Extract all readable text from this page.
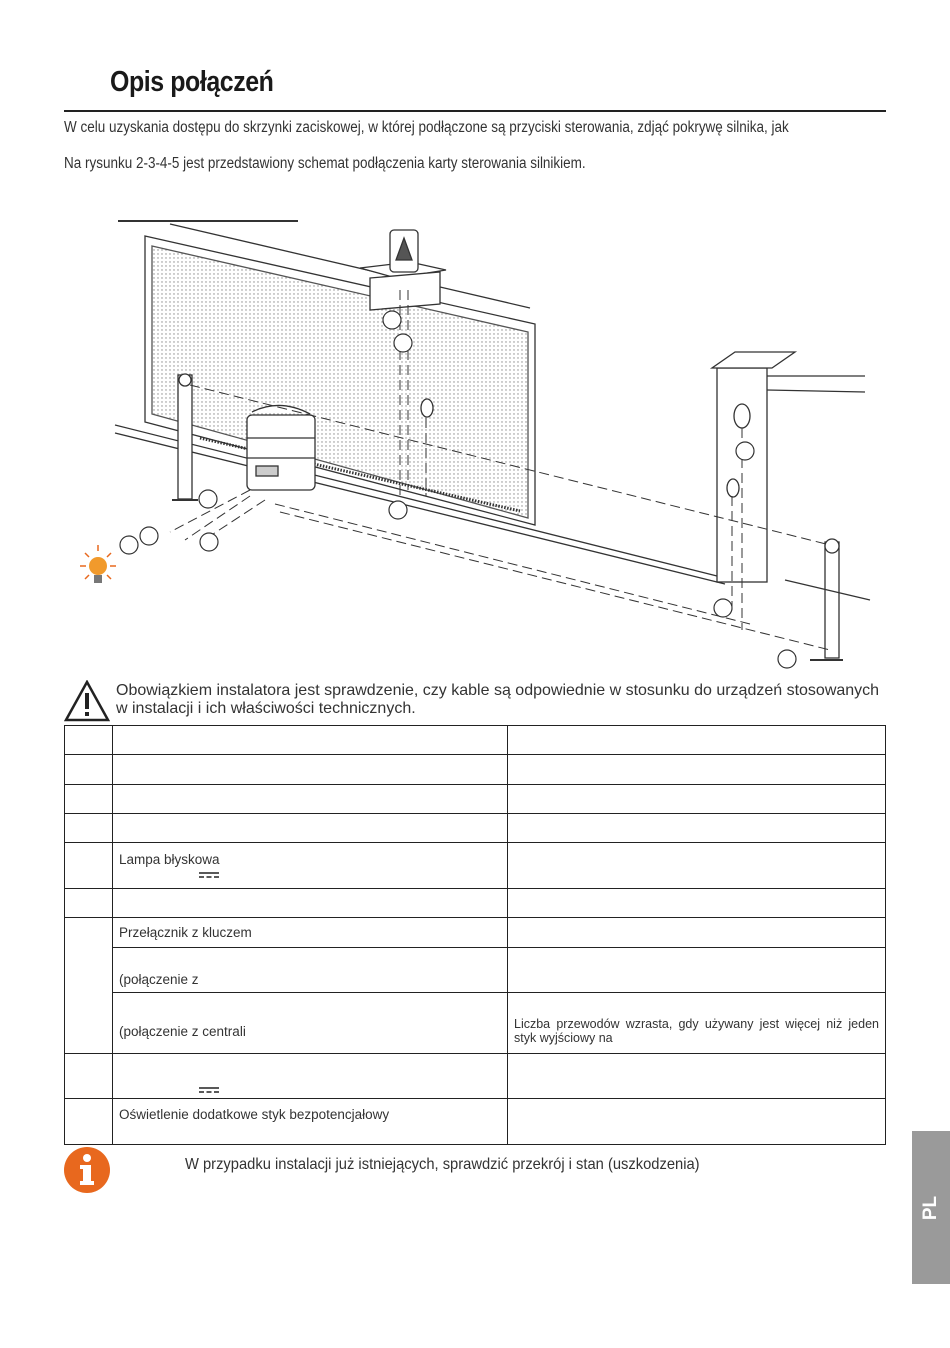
Opis połączeń

W celu uzyskania dostępu do skrzynki zaciskowej, w której podłączone są przyciski sterowania, zdjąć pokrywę silnika, jak

Na rysunku 2-3-4-5 jest przedstawiony schemat podłączenia karty sterowania silnikiem.

Obowiązkiem instalatora jest sprawdzenie, czy kable są odpowiednie w stosunku do urządzeń stosowanych w instalacji i ich właściwości technicznych.

	Lampa błyskowa

	Przełącznik z kluczem	
	(połączenie z	
	(połączenie z centrali	Liczba przewodów wzrasta, gdy używany jest więcej niż jeden styk wyjściowy na

	Oświetlenie dodatkowe styk bezpotencjałowy	

W przypadku instalacji już istniejących, sprawdzić przekrój i stan (uszkodzenia)

PL
